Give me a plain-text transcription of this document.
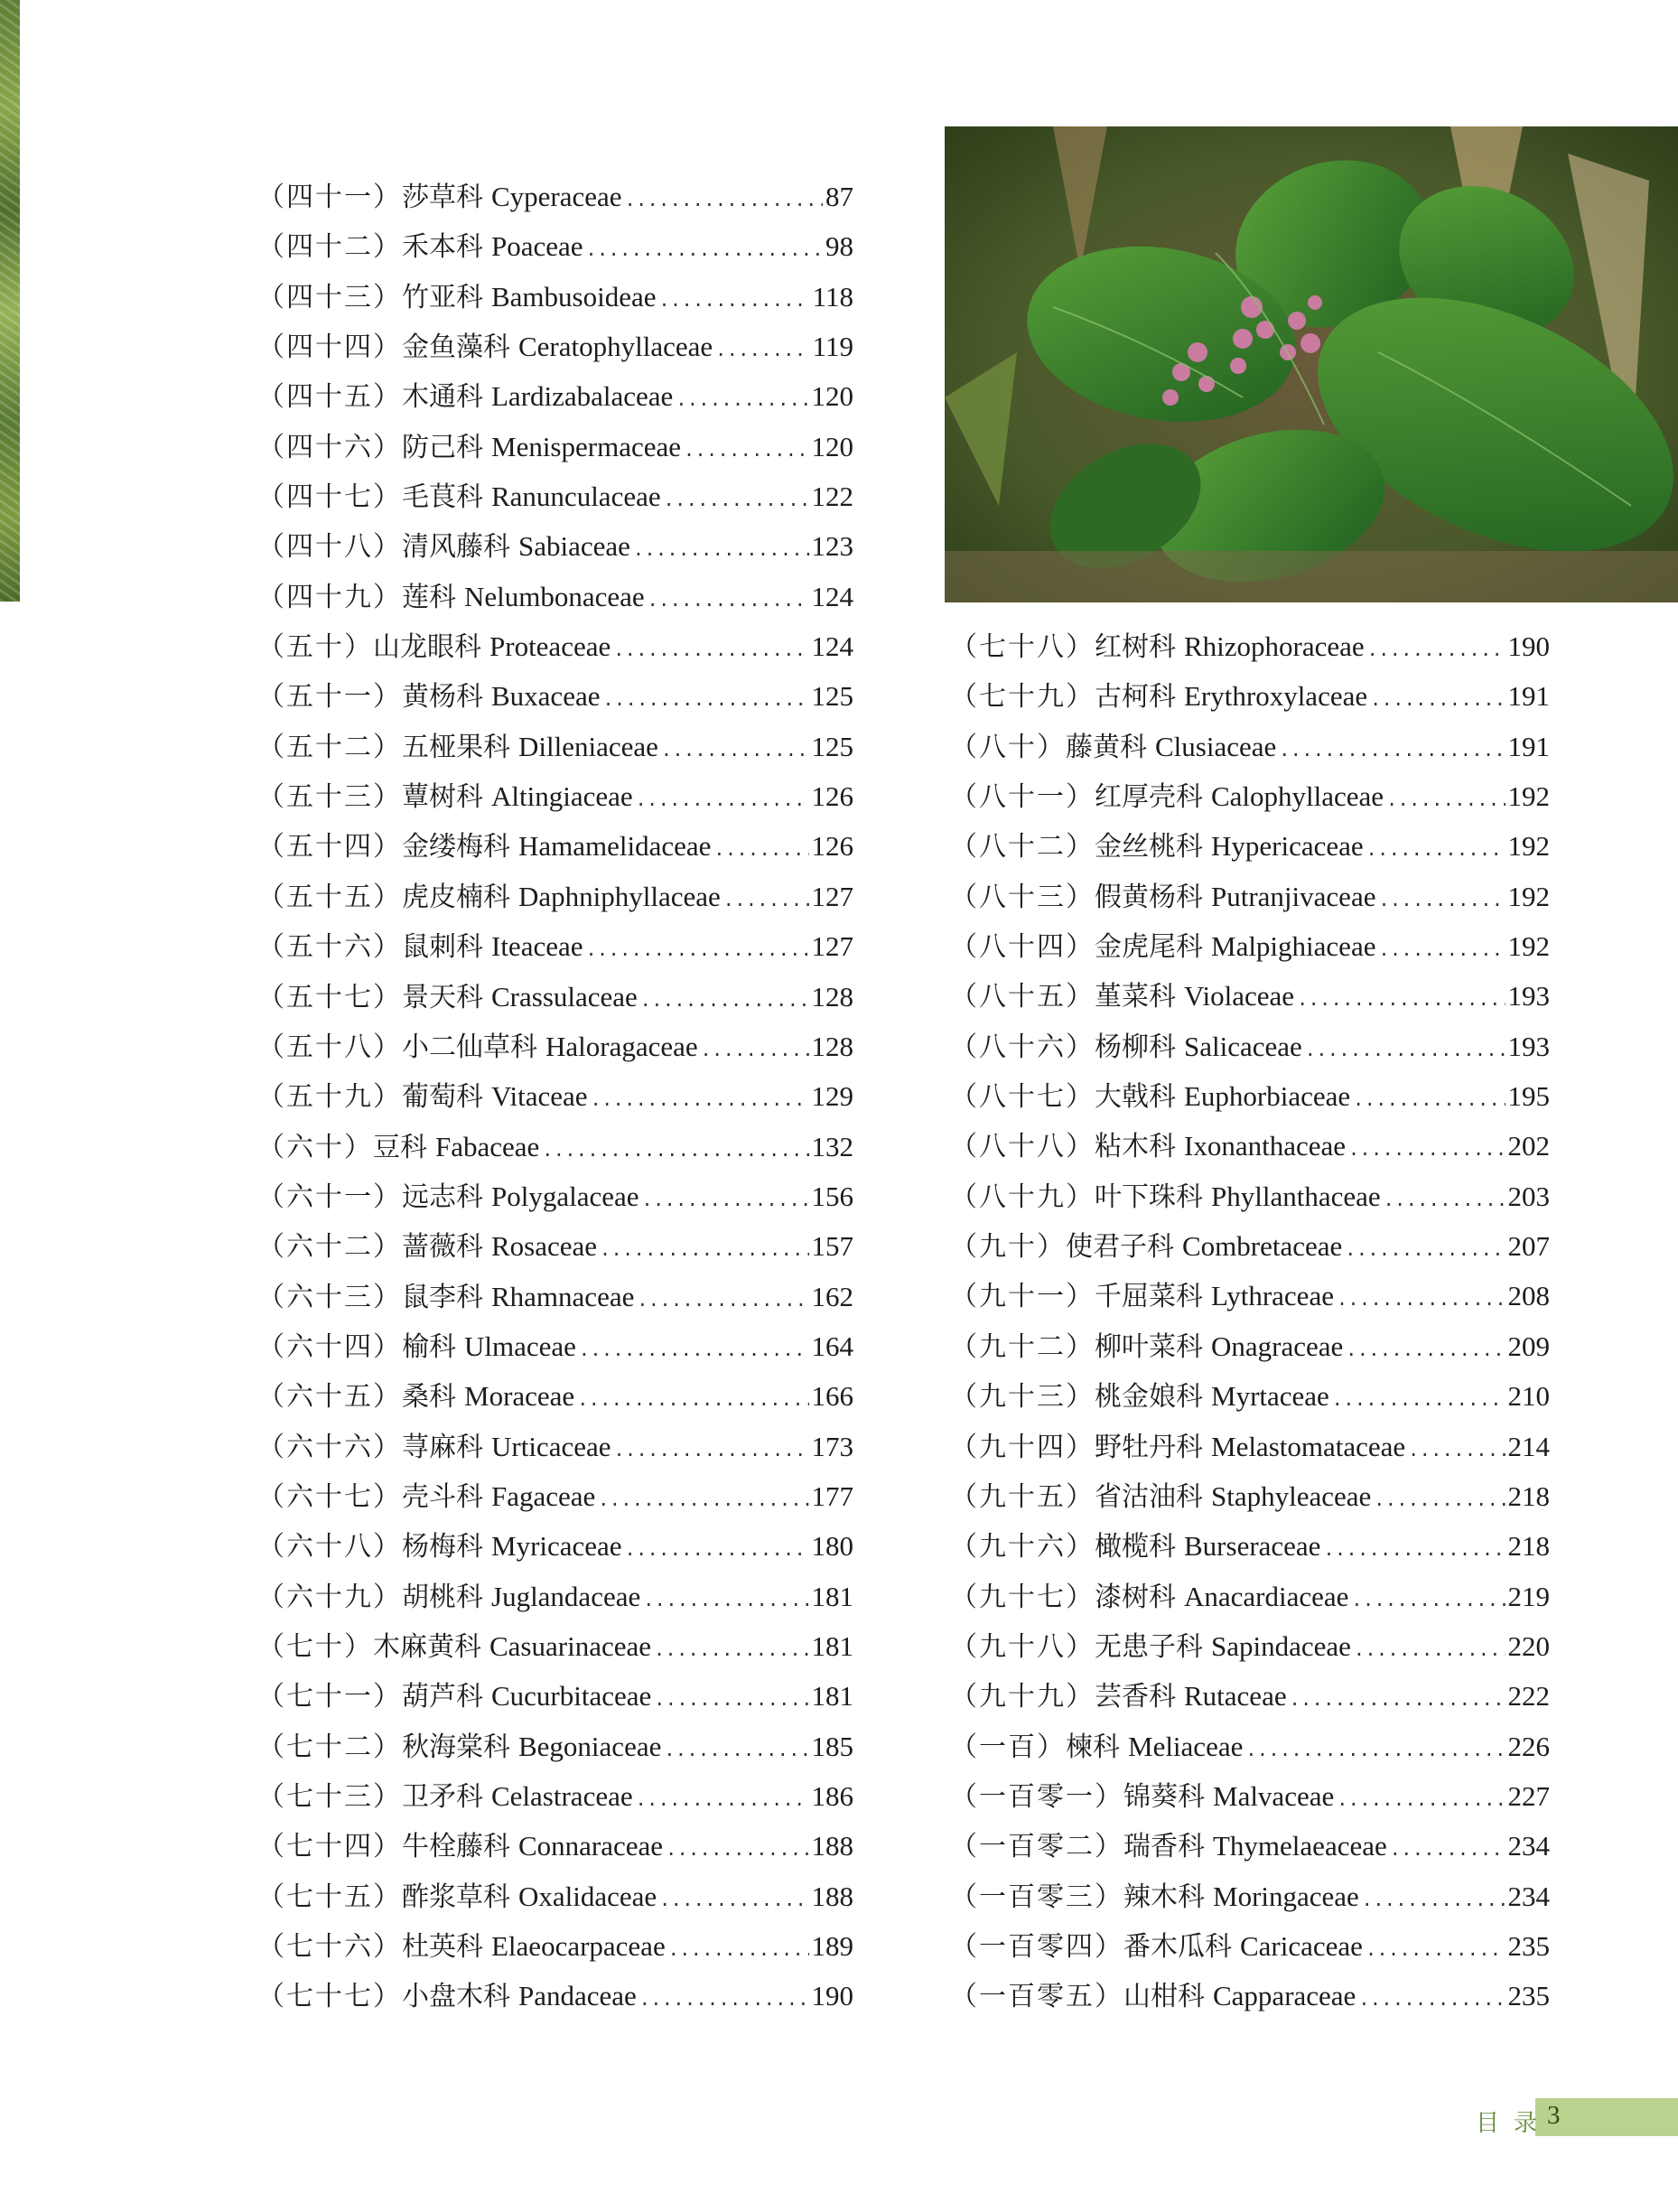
（四十一） 莎草科 Cyperaceae .....	87
（四十二） 禾本科 Poaceae .....	98
（四十三） 竹亚科 Bambusoideae .....	118
（四十四） 金鱼藻科 Ceratophyllaceae .....	119
（四十五） 木通科 Lardizabalaceae .....	120
（四十六） 防己科 Menispermaceae .....	120
（四十七） 毛茛科 Ranunculaceae .....	122
（四十八） 清风藤科 Sabiaceae .....	123
（四十九） 莲科 Nelumbonaceae .....	124
（五十） 山龙眼科 Proteaceae .....	124
（五十一） 黄杨科 Buxaceae .....	125
（五十二） 五桠果科 Dilleniaceae .....	125
（五十三） 蕈树科 Altingiaceae .....	126
（五十四） 金缕梅科 Hamamelidaceae .....	126
（五十五） 虎皮楠科 Daphniphyllaceae .....	127
（五十六） 鼠刺科 Iteaceae .....	127
（五十七） 景天科 Crassulaceae .....	128
（五十八） 小二仙草科 Haloragaceae .....	128
（五十九） 葡萄科 Vitaceae .....	129
（六十） 豆科 Fabaceae .....	132
（六十一） 远志科 Polygalaceae .....	156
（六十二） 蔷薇科 Rosaceae .....	157
（六十三） 鼠李科 Rhamnaceae .....	162
（六十四） 榆科 Ulmaceae .....	164
（六十五） 桑科 Moraceae .....	166
（六十六） 荨麻科 Urticaceae .....	173
（六十七） 壳斗科 Fagaceae .....	177
（六十八） 杨梅科 Myricaceae .....	180
（六十九） 胡桃科 Juglandaceae .....	181
（七十） 木麻黄科 Casuarinaceae .....	181
（七十一） 葫芦科 Cucurbitaceae .....	181
（七十二） 秋海棠科 Begoniaceae .....	185
（七十三） 卫矛科 Celastraceae .....	186
（七十四） 牛栓藤科 Connaraceae .....	188
（七十五） 酢浆草科 Oxalidaceae .....	188
（七十六） 杜英科 Elaeocarpaceae .....	189
（七十七） 小盘木科 Pandaceae .....	190
（七十八） 红树科 Rhizophoraceae .....	190
（七十九） 古柯科 Erythroxylaceae .....	191
（八十） 藤黄科 Clusiaceae .....	191
（八十一） 红厚壳科 Calophyllaceae .....	192
（八十二） 金丝桃科 Hypericaceae .....	192
（八十三） 假黄杨科 Putranjivaceae .....	192
（八十四） 金虎尾科 Malpighiaceae .....	192
（八十五） 堇菜科 Violaceae .....	193
（八十六） 杨柳科 Salicaceae .....	193
（八十七） 大戟科 Euphorbiaceae .....	195
（八十八） 粘木科 Ixonanthaceae .....	202
（八十九） 叶下珠科 Phyllanthaceae .....	203
（九十） 使君子科 Combretaceae .....	207
（九十一） 千屈菜科 Lythraceae .....	208
（九十二） 柳叶菜科 Onagraceae .....	209
（九十三） 桃金娘科 Myrtaceae .....	210
（九十四） 野牡丹科 Melastomataceae .....	214
（九十五） 省沽油科 Staphyleaceae .....	218
（九十六） 橄榄科 Burseraceae .....	218
（九十七） 漆树科 Anacardiaceae .....	219
（九十八） 无患子科 Sapindaceae .....	220
（九十九） 芸香科 Rutaceae .....	222
（一百） 楝科 Meliaceae .....	226
（一百零一） 锦葵科 Malvaceae .....	227
（一百零二） 瑞香科 Thymelaeaceae .....	234
（一百零三） 辣木科 Moringaceae .....	234
（一百零四） 番木瓜科 Caricaceae .....	235
（一百零五） 山柑科 Capparaceae .....	235
目录
3
